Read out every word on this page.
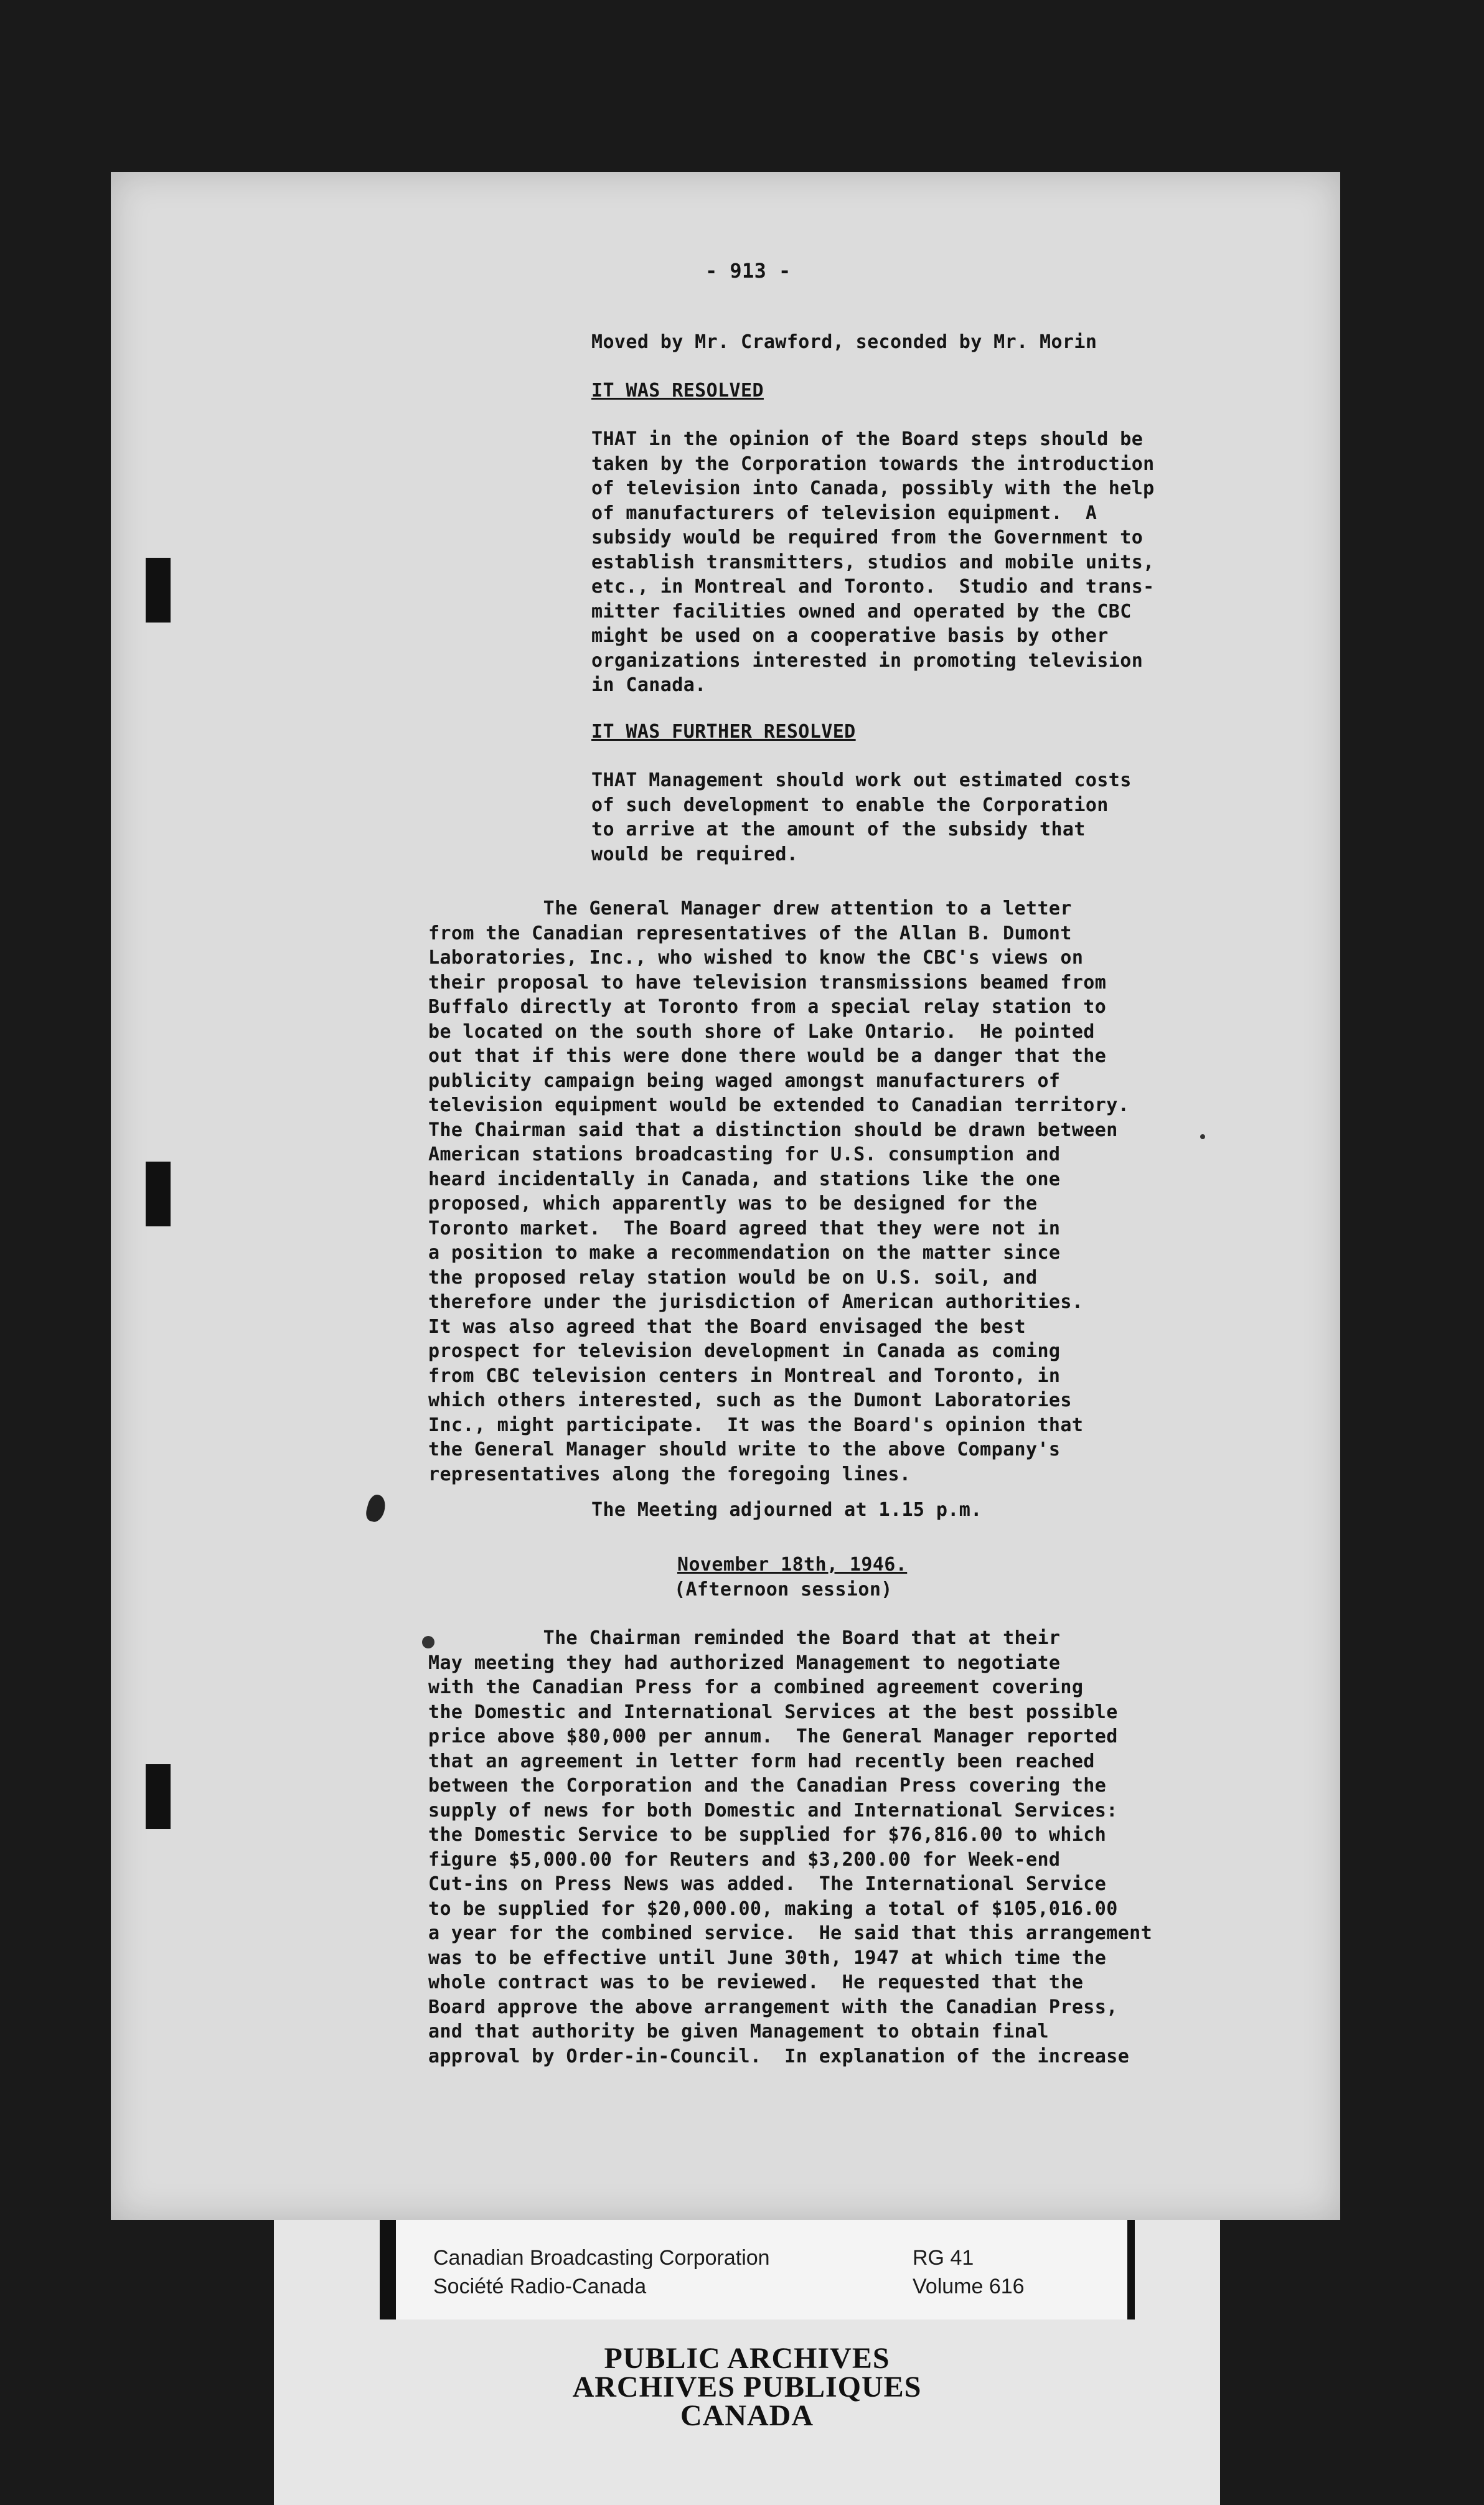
- 913 -
Moved by Mr. Crawford, seconded by Mr. Morin
IT WAS RESOLVED
THAT in the opinion of the Board steps should be
taken by the Corporation towards the introduction
of television into Canada, possibly with the help
of manufacturers of television equipment.  A
subsidy would be required from the Government to
establish transmitters, studios and mobile units,
etc., in Montreal and Toronto.  Studio and trans-
mitter facilities owned and operated by the CBC
might be used on a cooperative basis by other
organizations interested in promoting television
in Canada.
IT WAS FURTHER RESOLVED
THAT Management should work out estimated costs
of such development to enable the Corporation
to arrive at the amount of the subsidy that
would be required.
The General Manager drew attention to a letter
from the Canadian representatives of the Allan B. Dumont
Laboratories, Inc., who wished to know the CBC's views on
their proposal to have television transmissions beamed from
Buffalo directly at Toronto from a special relay station to
be located on the south shore of Lake Ontario.  He pointed
out that if this were done there would be a danger that the
publicity campaign being waged amongst manufacturers of
television equipment would be extended to Canadian territory.
The Chairman said that a distinction should be drawn between
American stations broadcasting for U.S. consumption and
heard incidentally in Canada, and stations like the one
proposed, which apparently was to be designed for the
Toronto market.  The Board agreed that they were not in
a position to make a recommendation on the matter since
the proposed relay station would be on U.S. soil, and
therefore under the jurisdiction of American authorities.
It was also agreed that the Board envisaged the best
prospect for television development in Canada as coming
from CBC television centers in Montreal and Toronto, in
which others interested, such as the Dumont Laboratories
Inc., might participate.  It was the Board's opinion that
the General Manager should write to the above Company's
representatives along the foregoing lines.
The Meeting adjourned at 1.15 p.m.
November 18th, 1946.
(Afternoon session)
The Chairman reminded the Board that at their
May meeting they had authorized Management to negotiate
with the Canadian Press for a combined agreement covering
the Domestic and International Services at the best possible
price above $80,000 per annum.  The General Manager reported
that an agreement in letter form had recently been reached
between the Corporation and the Canadian Press covering the
supply of news for both Domestic and International Services:
the Domestic Service to be supplied for $76,816.00 to which
figure $5,000.00 for Reuters and $3,200.00 for Week-end
Cut-ins on Press News was added.  The International Service
to be supplied for $20,000.00, making a total of $105,016.00
a year for the combined service.  He said that this arrangement
was to be effective until June 30th, 1947 at which time the
whole contract was to be reviewed.  He requested that the
Board approve the above arrangement with the Canadian Press,
and that authority be given Management to obtain final
approval by Order-in-Council.  In explanation of the increase
Canadian Broadcasting Corporation
Société Radio-Canada
RG 41
Volume 616
PUBLIC ARCHIVES
ARCHIVES PUBLIQUES
CANADA
